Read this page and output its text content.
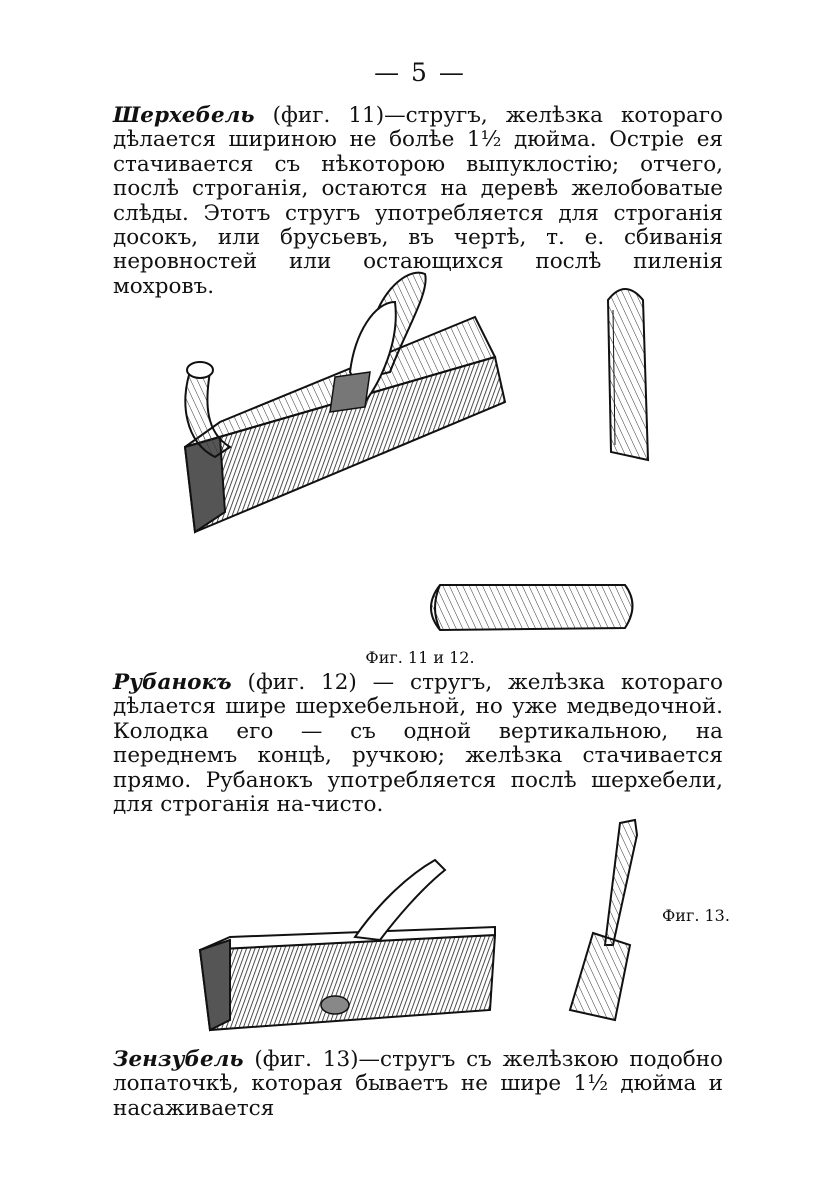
— 5 —

Шерхебель (фиг. 11)—стругъ, желѣзка котораго дѣлается шириною не болѣе 1½ дюйма. Остріе ея стачивается съ нѣкоторою выпуклостію; отчего, послѣ строганія, остаются на деревѣ желобоватые слѣды. Этотъ стругъ употребляется для строганія досокъ, или брусьевъ, въ чертѣ, т. е. сбиванія неровностей или остающихся послѣ пиленія мохровъ.

Фиг. 11 и 12.

Рубанокъ (фиг. 12) — стругъ, желѣзка котораго дѣлается шире шерхебельной, но уже медведочной. Колодка его — съ одной вертикальною, на переднемъ концѣ, ручкою; желѣзка стачивается прямо. Рубанокъ употребляется послѣ шерхебели, для строганія на-чисто.

Фиг. 13.

Зензубель (фиг. 13)—стругъ съ желѣзкою подобно лопаточкѣ, которая бываетъ не шире 1½ дюйма и насаживается
